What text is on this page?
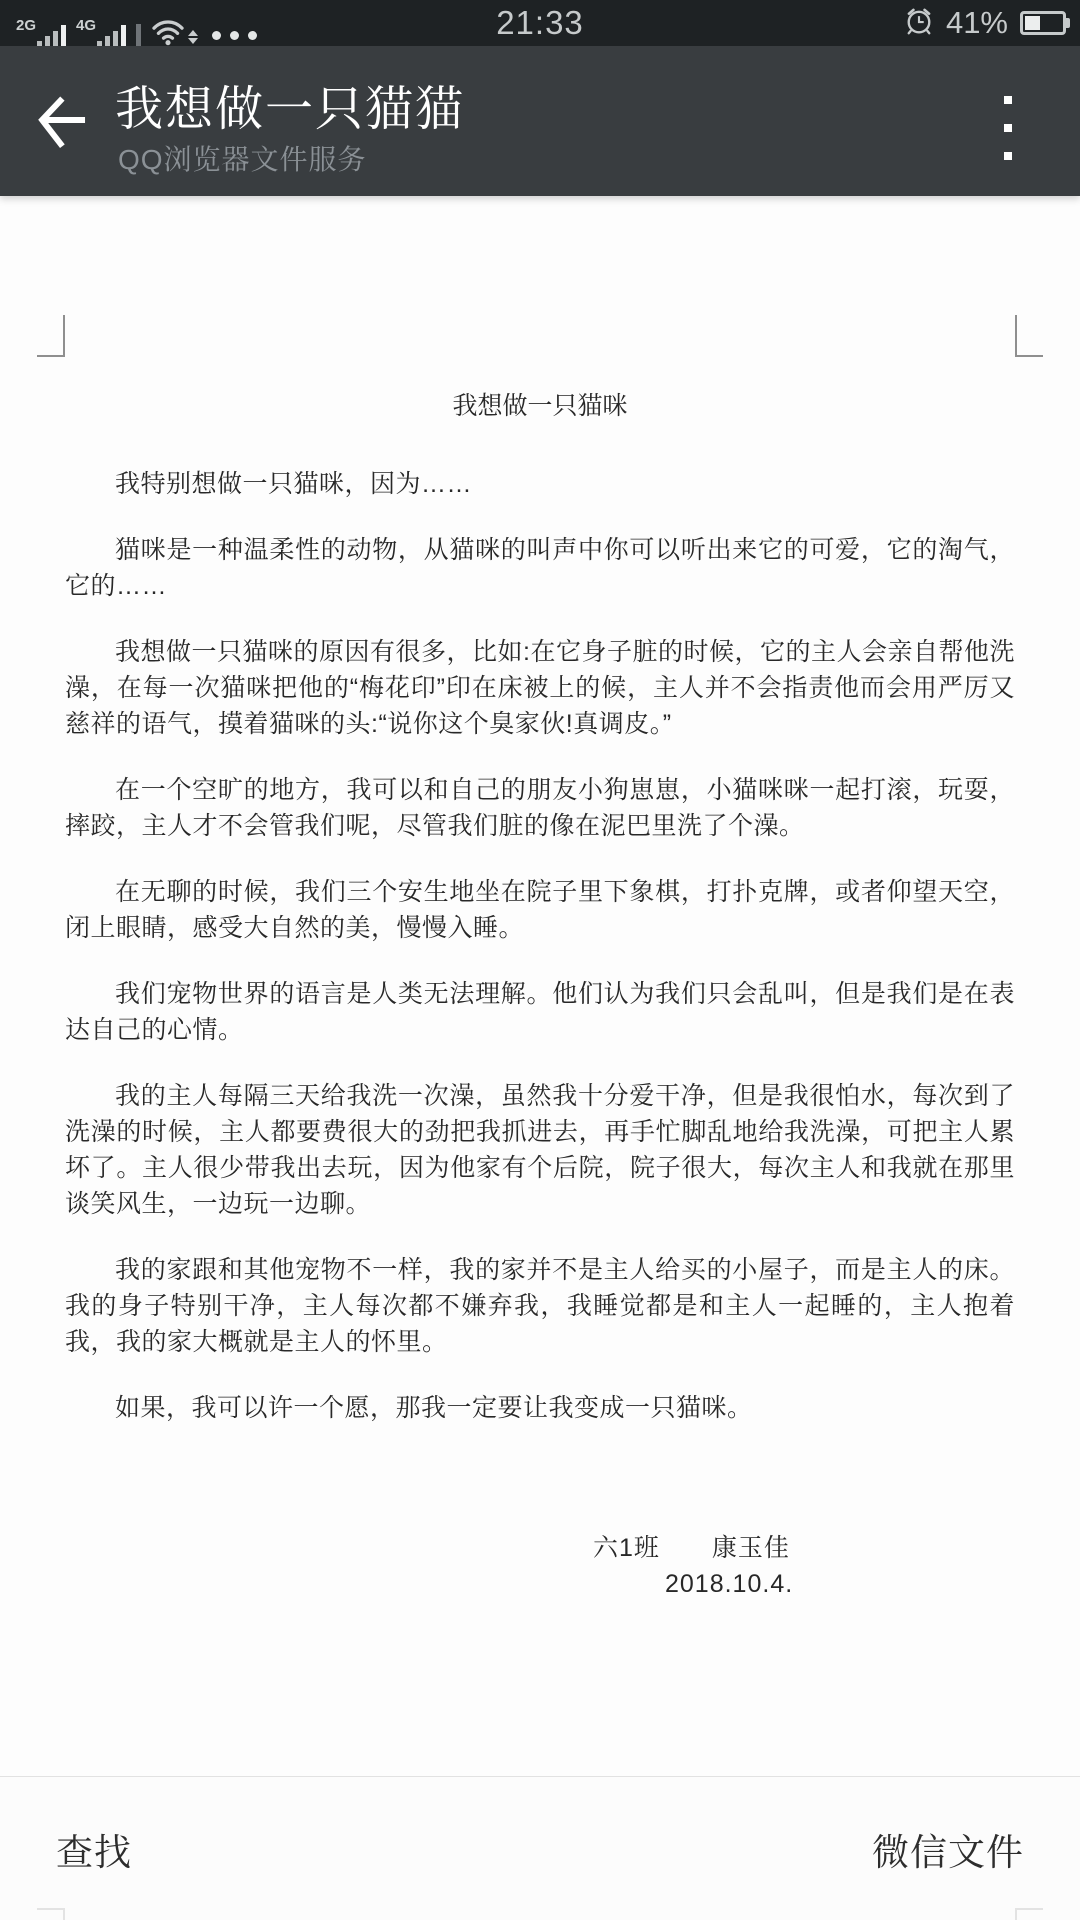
2G	4G	21:33	41%
我想做一只猫猫
QQ浏览器文件服务
我想做一只猫咪

我特别想做一只猫咪，因为……

猫咪是一种温柔性的动物，从猫咪的叫声中你可以听出来它的可爱，它的淘气，它的……

我想做一只猫咪的原因有很多，比如:在它身子脏的时候，它的主人会亲自帮他洗澡，在每一次猫咪把他的“梅花印”印在床被上的候，主人并不会指责他而会用严厉又慈祥的语气，摸着猫咪的头:“说你这个臭家伙!真调皮。”

在一个空旷的地方，我可以和自己的朋友小狗崽崽，小猫咪咪一起打滚，玩耍，摔跤，主人才不会管我们呢，尽管我们脏的像在泥巴里洗了个澡。

在无聊的时候，我们三个安生地坐在院子里下象棋，打扑克牌，或者仰望天空，闭上眼睛，感受大自然的美，慢慢入睡。

我们宠物世界的语言是人类无法理解。他们认为我们只会乱叫，但是我们是在表达自己的心情。

我的主人每隔三天给我洗一次澡，虽然我十分爱干净，但是我很怕水，每次到了洗澡的时候，主人都要费很大的劲把我抓进去，再手忙脚乱地给我洗澡，可把主人累坏了。主人很少带我出去玩，因为他家有个后院，院子很大，每次主人和我就在那里谈笑风生，一边玩一边聊。

我的家跟和其他宠物不一样，我的家并不是主人给买的小屋子，而是主人的床。我的身子特别干净，主人每次都不嫌弃我，我睡觉都是和主人一起睡的，主人抱着我，我的家大概就是主人的怀里。

如果，我可以许一个愿，那我一定要让我变成一只猫咪。

六1班　　康玉佳
2018.10.4.
查找	微信文件
